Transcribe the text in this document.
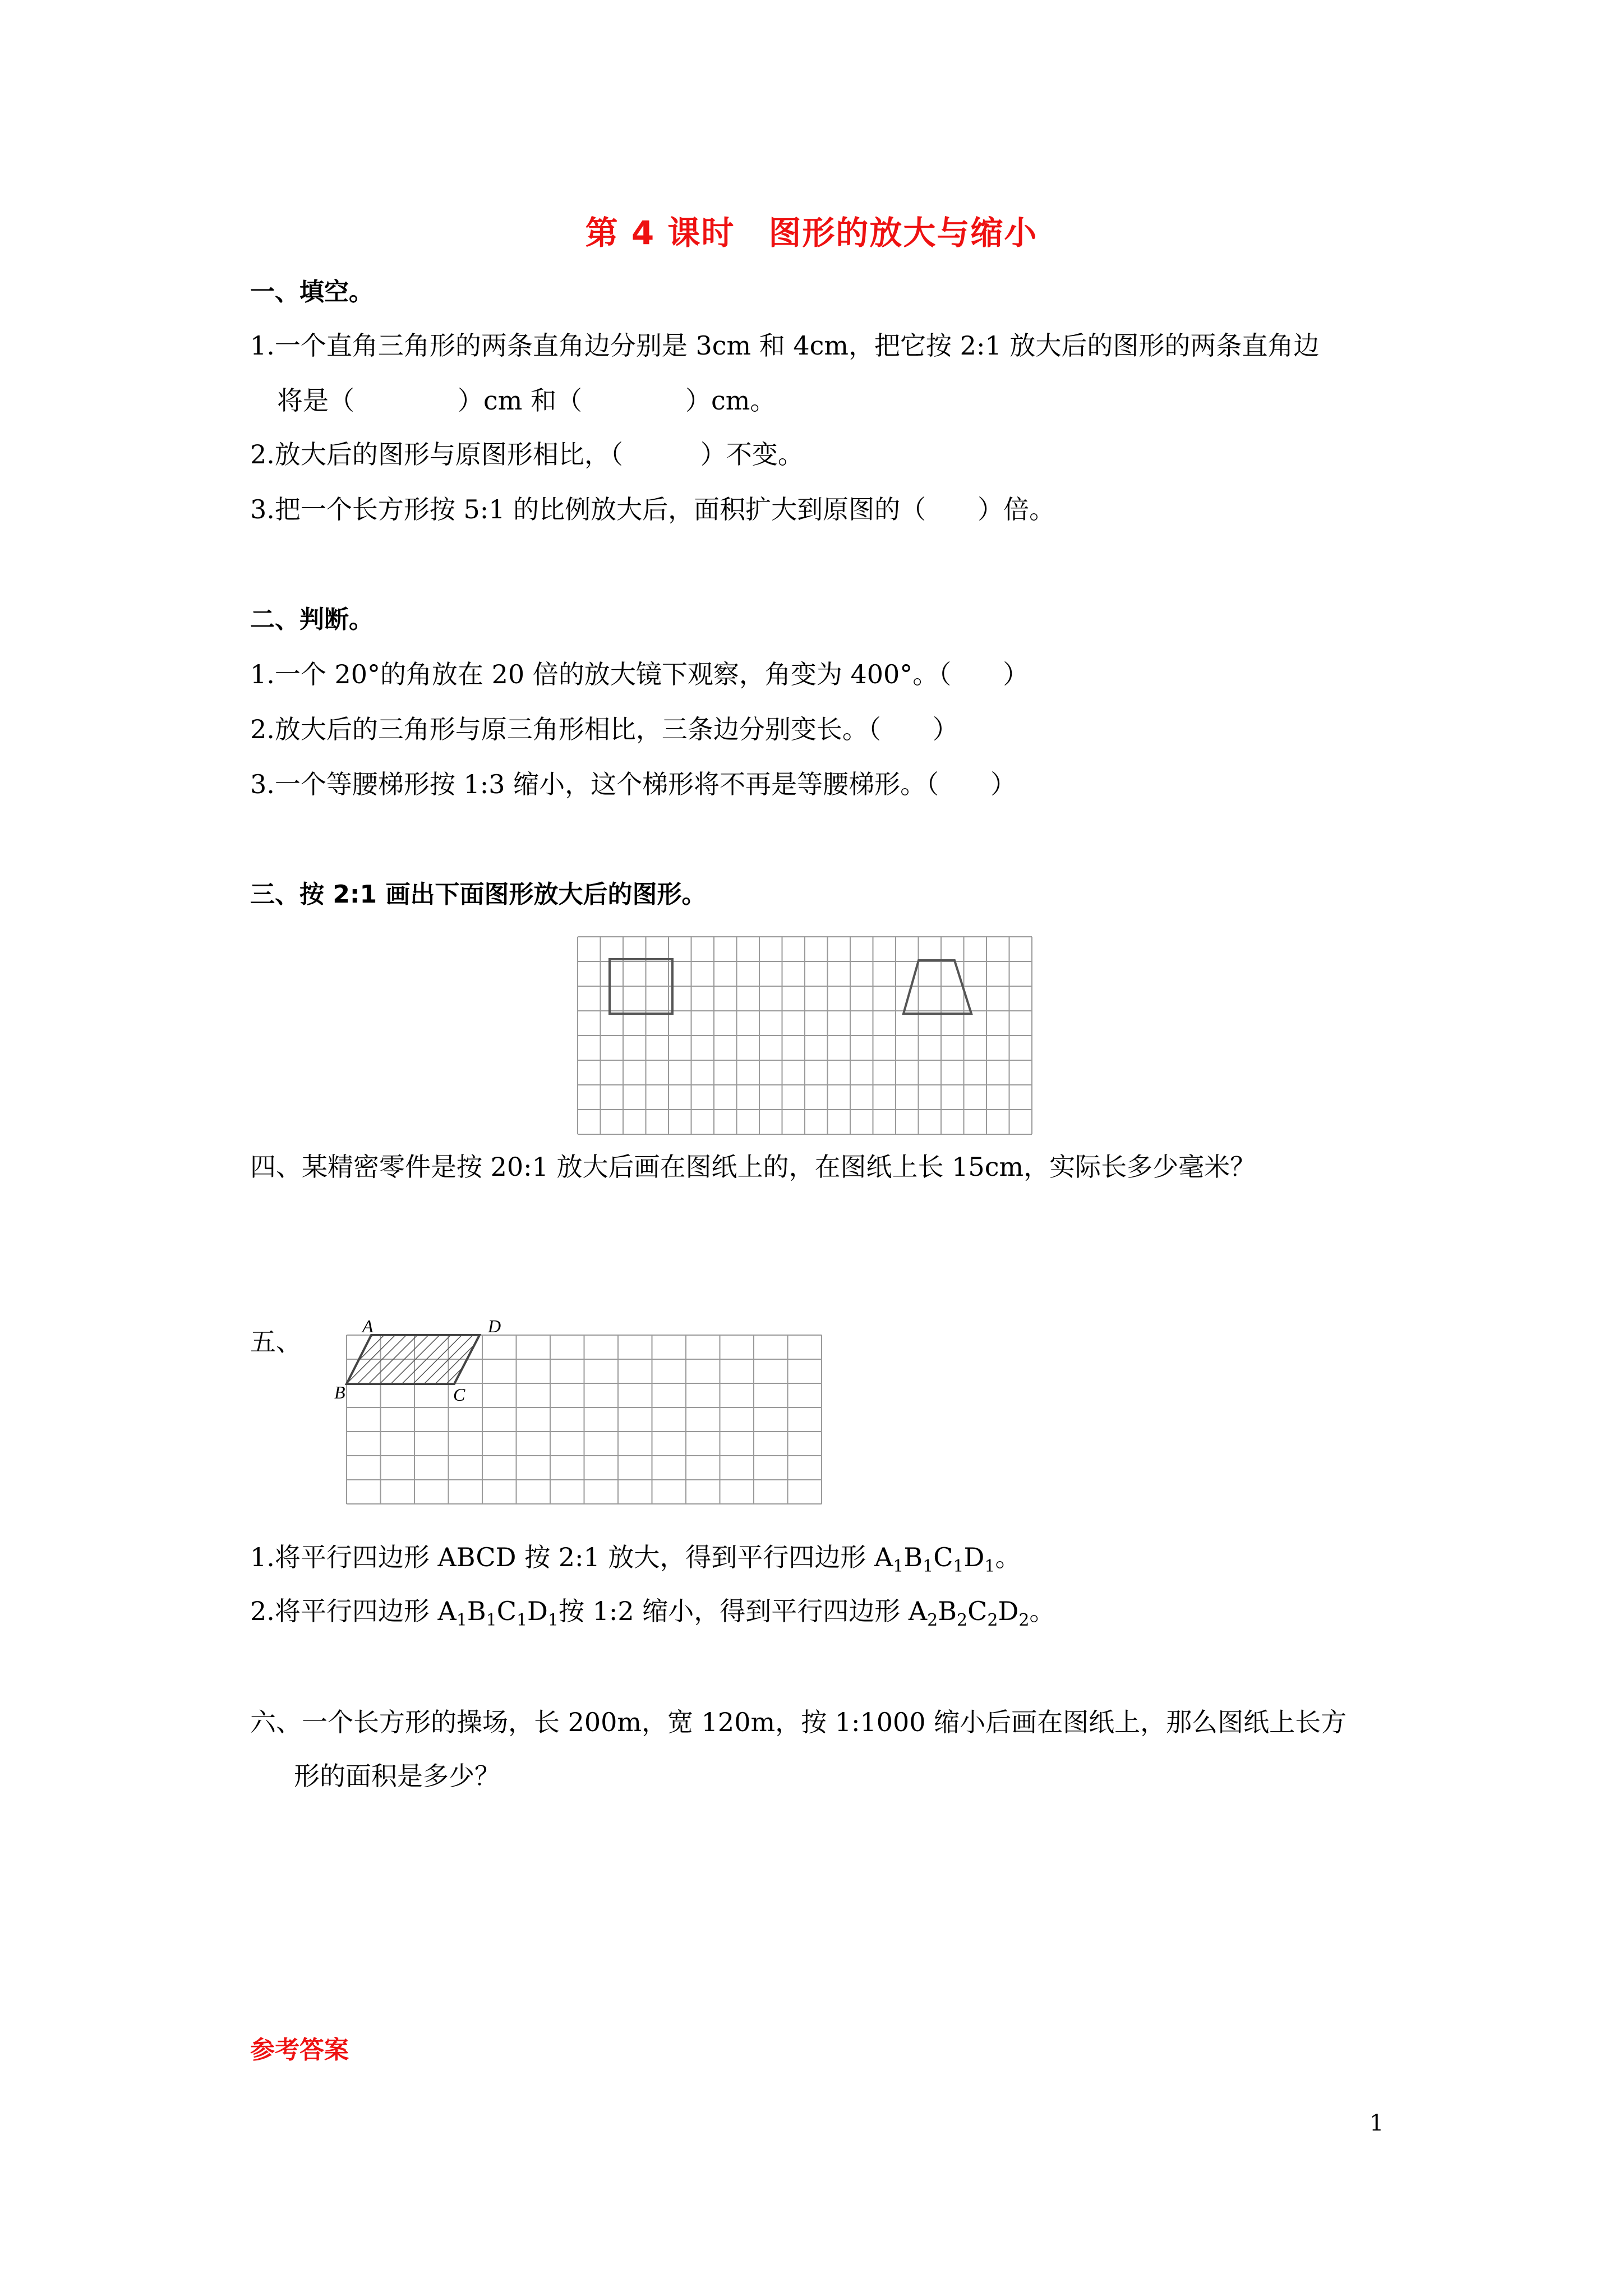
第 4 课时　图形的放大与缩小
一、填空。
1.一个直角三角形的两条直角边分别是 3cm 和 4cm，把它按 2:1 放大后的图形的两条直角边
将是（　　　　）cm 和（　　　　）cm。
2.放大后的图形与原图形相比，（　　　）不变。
3.把一个长方形按 5:1 的比例放大后，面积扩大到原图的（　　）倍。
二、判断。
1.一个 20°的角放在 20 倍的放大镜下观察，角变为 400°。（　　）
2.放大后的三角形与原三角形相比，三条边分别变长。（　　）
3.一个等腰梯形按 1:3 缩小，这个梯形将不再是等腰梯形。（　　）
三、按 2:1 画出下面图形放大后的图形。
四、某精密零件是按 20:1 放大后画在图纸上的，在图纸上长 15cm，实际长多少毫米？
五、
A	D
B	C
1.将平行四边形 ABCD 按 2:1 放大，得到平行四边形 $A_1B_1C_1D_1$。
2.将平行四边形 $A_1B_1C_1D_1$按 1:2 缩小，得到平行四边形 $A_2B_2C_2D_2$。
六、一个长方形的操场，长 200m，宽 120m，按 1:1000 缩小后画在图纸上，那么图纸上长方
形的面积是多少？
参考答案
1
